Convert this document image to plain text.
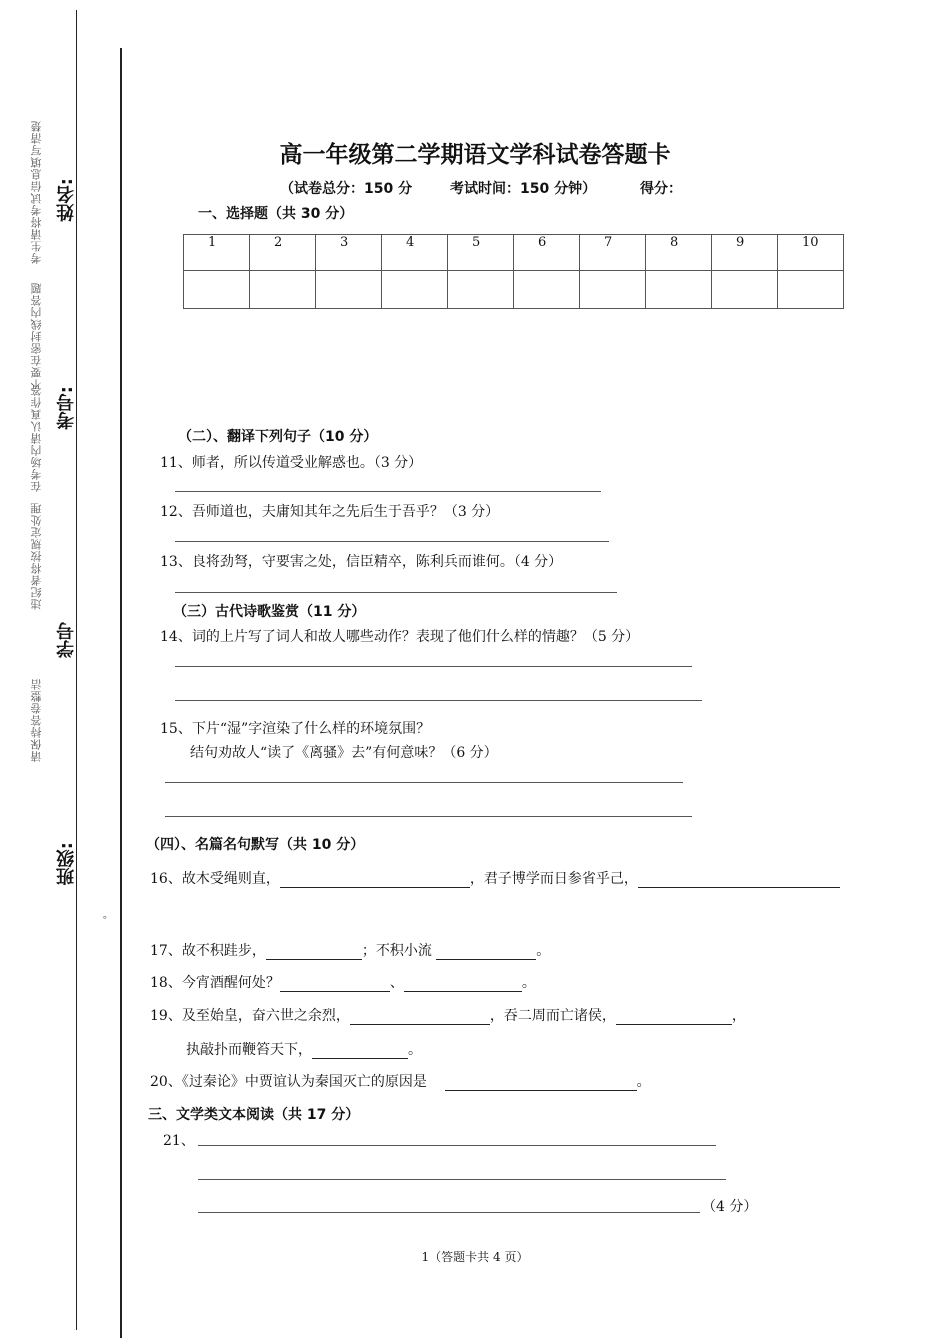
姓名:
考号:
学号
班级:
考生请将考试信息填写清楚
不要在密封线内答题
在考场内请认真作答
违纪者将按规定处理
请保持答卷整洁
。
高一年级第二学期语文学科试卷答题卡
（试卷总分：150 分	考试时间：150 分钟）	得分：
一、选择题（共 30 分）
1	2	3	4	5	6	7	8	9	10

（二）、翻译下列句子（10 分）
11、师者，所以传道受业解惑也。（3 分）
12、吾师道也，夫庸知其年之先后生于吾乎？（3 分）
13、良将劲弩，守要害之处，信臣精卒，陈利兵而谁何。（4 分）
（三）古代诗歌鉴赏（11 分）
14、词的上片写了词人和故人哪些动作？表现了他们什么样的情趣？（5 分）
15、下片“湿”字渲染了什么样的环境氛围？
结句劝故人“读了《离骚》去”有何意味？（6 分）
（四）、名篇名句默写（共 10 分）
16、故木受绳则直，	，君子博学而日参省乎己，
17、故不积跬步，	；不积小流	。
18、今宵酒醒何处？	、	。
19、及至始皇，奋六世之余烈，	，吞二周而亡诸侯，	，
执敲扑而鞭笞天下，	。
20、《过秦论》中贾谊认为秦国灭亡的原因是	。
三、文学类文本阅读（共 17 分）
21、
（4 分）
1（答题卡共 4 页）
